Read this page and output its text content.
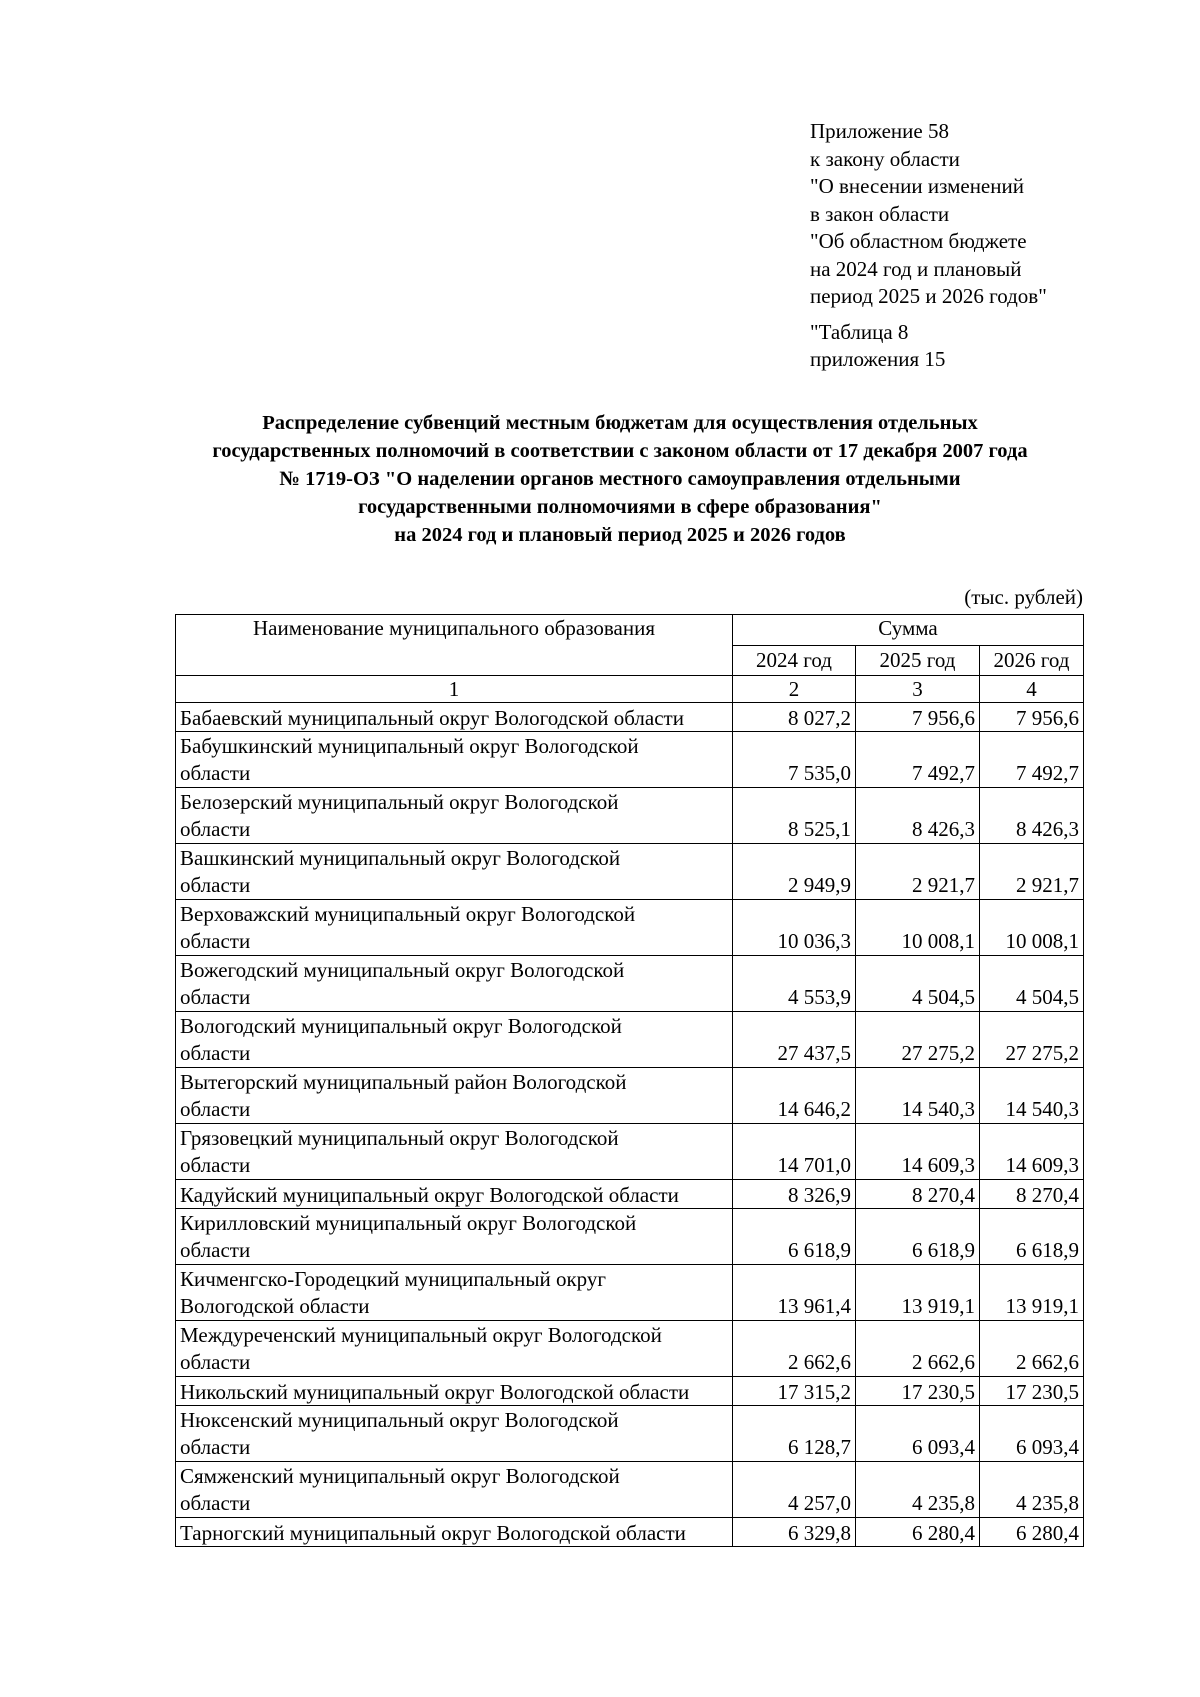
Приложение 58
к закону области
"О внесении изменений
в закон области
"Об областном бюджете
на 2024 год и плановый
период 2025 и 2026 годов"
"Таблица 8
приложения 15
Распределение субвенций местным бюджетам для осуществления отдельных
государственных полномочий в соответствии с законом области от 17 декабря 2007 года
№ 1719-ОЗ "О наделении органов местного самоуправления отдельными
государственными полномочиями в сфере образования"
на 2024 год и плановый период 2025 и 2026 годов
(тыс. рублей)
Наименование муниципального образования	Сумма		
	2024 год	2025 год	2026 год
1	2	3	4

Бабаевский муниципальный округ Вологодской области	8 027,2	7 956,6	7 956,6

Бабушкинский муниципальный округ Вологодской
области	7 535,0	7 492,7	7 492,7

Белозерский муниципальный округ Вологодской
области	8 525,1	8 426,3	8 426,3

Вашкинский муниципальный округ Вологодской
области	2 949,9	2 921,7	2 921,7

Верховажский муниципальный округ Вологодской
области	10 036,3	10 008,1	10 008,1

Вожегодский муниципальный округ Вологодской
области	4 553,9	4 504,5	4 504,5

Вологодский муниципальный округ Вологодской
области	27 437,5	27 275,2	27 275,2

Вытегорский муниципальный район Вологодской
области	14 646,2	14 540,3	14 540,3

Грязовецкий муниципальный округ Вологодской
области	14 701,0	14 609,3	14 609,3

Кадуйский муниципальный округ Вологодской области	8 326,9	8 270,4	8 270,4

Кирилловский муниципальный округ Вологодской
области	6 618,9	6 618,9	6 618,9

Кичменгско-Городецкий муниципальный округ
Вологодской области	13 961,4	13 919,1	13 919,1

Междуреченский муниципальный округ Вологодской
области	2 662,6	2 662,6	2 662,6

Никольский муниципальный округ Вологодской области	17 315,2	17 230,5	17 230,5

Нюксенский муниципальный округ Вологодской
области	6 128,7	6 093,4	6 093,4

Сямженский муниципальный округ Вологодской
области	4 257,0	4 235,8	4 235,8

Тарногский муниципальный округ Вологодской области	6 329,8	6 280,4	6 280,4
